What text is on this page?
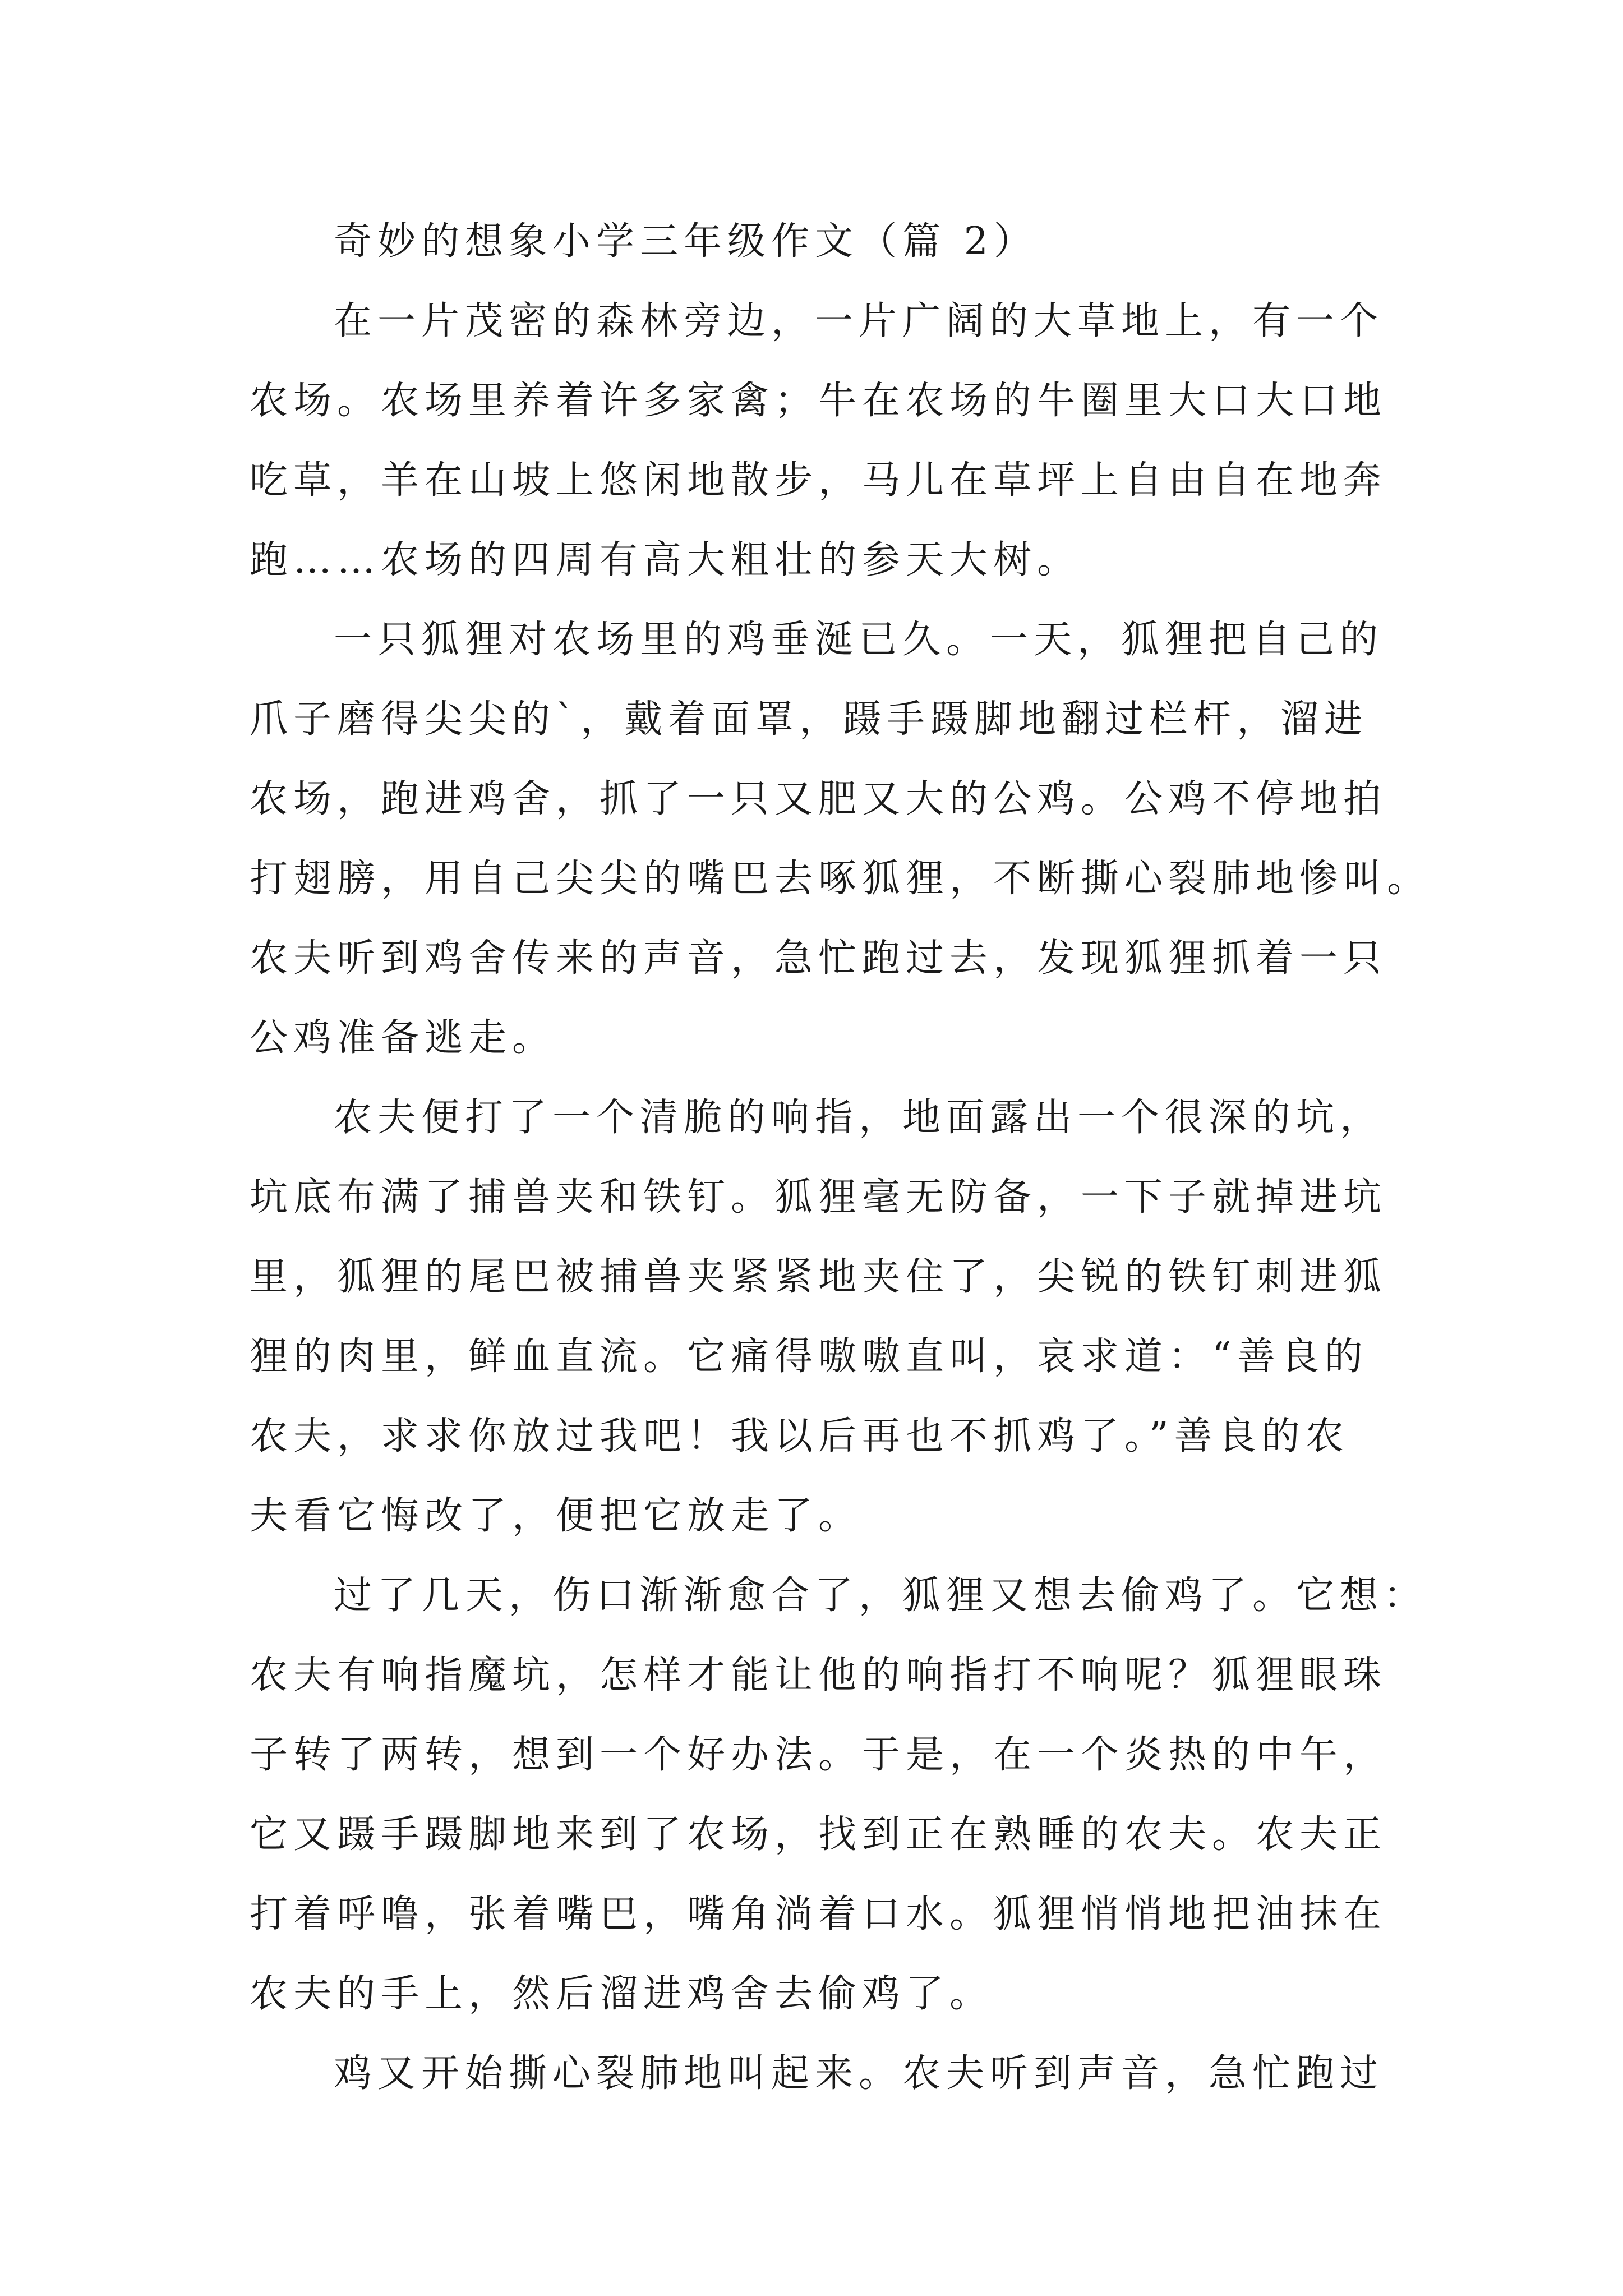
奇妙的想象小学三年级作文（篇 2）
在一片茂密的森林旁边，一片广阔的大草地上，有一个
农场。农场里养着许多家禽；牛在农场的牛圈里大口大口地
吃草，羊在山坡上悠闲地散步，马儿在草坪上自由自在地奔
跑……农场的四周有高大粗壮的参天大树。
一只狐狸对农场里的鸡垂涎已久。一天，狐狸把自己的
爪子磨得尖尖的`，戴着面罩，蹑手蹑脚地翻过栏杆，溜进
农场，跑进鸡舍，抓了一只又肥又大的公鸡。公鸡不停地拍
打翅膀，用自己尖尖的嘴巴去啄狐狸，不断撕心裂肺地惨叫。
农夫听到鸡舍传来的声音，急忙跑过去，发现狐狸抓着一只
公鸡准备逃走。
农夫便打了一个清脆的响指，地面露出一个很深的坑，
坑底布满了捕兽夹和铁钉。狐狸毫无防备，一下子就掉进坑
里，狐狸的尾巴被捕兽夹紧紧地夹住了，尖锐的铁钉刺进狐
狸的肉里，鲜血直流。它痛得嗷嗷直叫，哀求道：“善良的
农夫，求求你放过我吧！我以后再也不抓鸡了。”善良的农
夫看它悔改了，便把它放走了。
过了几天，伤口渐渐愈合了，狐狸又想去偷鸡了。它想：
农夫有响指魔坑，怎样才能让他的响指打不响呢？狐狸眼珠
子转了两转，想到一个好办法。于是，在一个炎热的中午，
它又蹑手蹑脚地来到了农场，找到正在熟睡的农夫。农夫正
打着呼噜，张着嘴巴，嘴角淌着口水。狐狸悄悄地把油抹在
农夫的手上，然后溜进鸡舍去偷鸡了。
鸡又开始撕心裂肺地叫起来。农夫听到声音，急忙跑过
